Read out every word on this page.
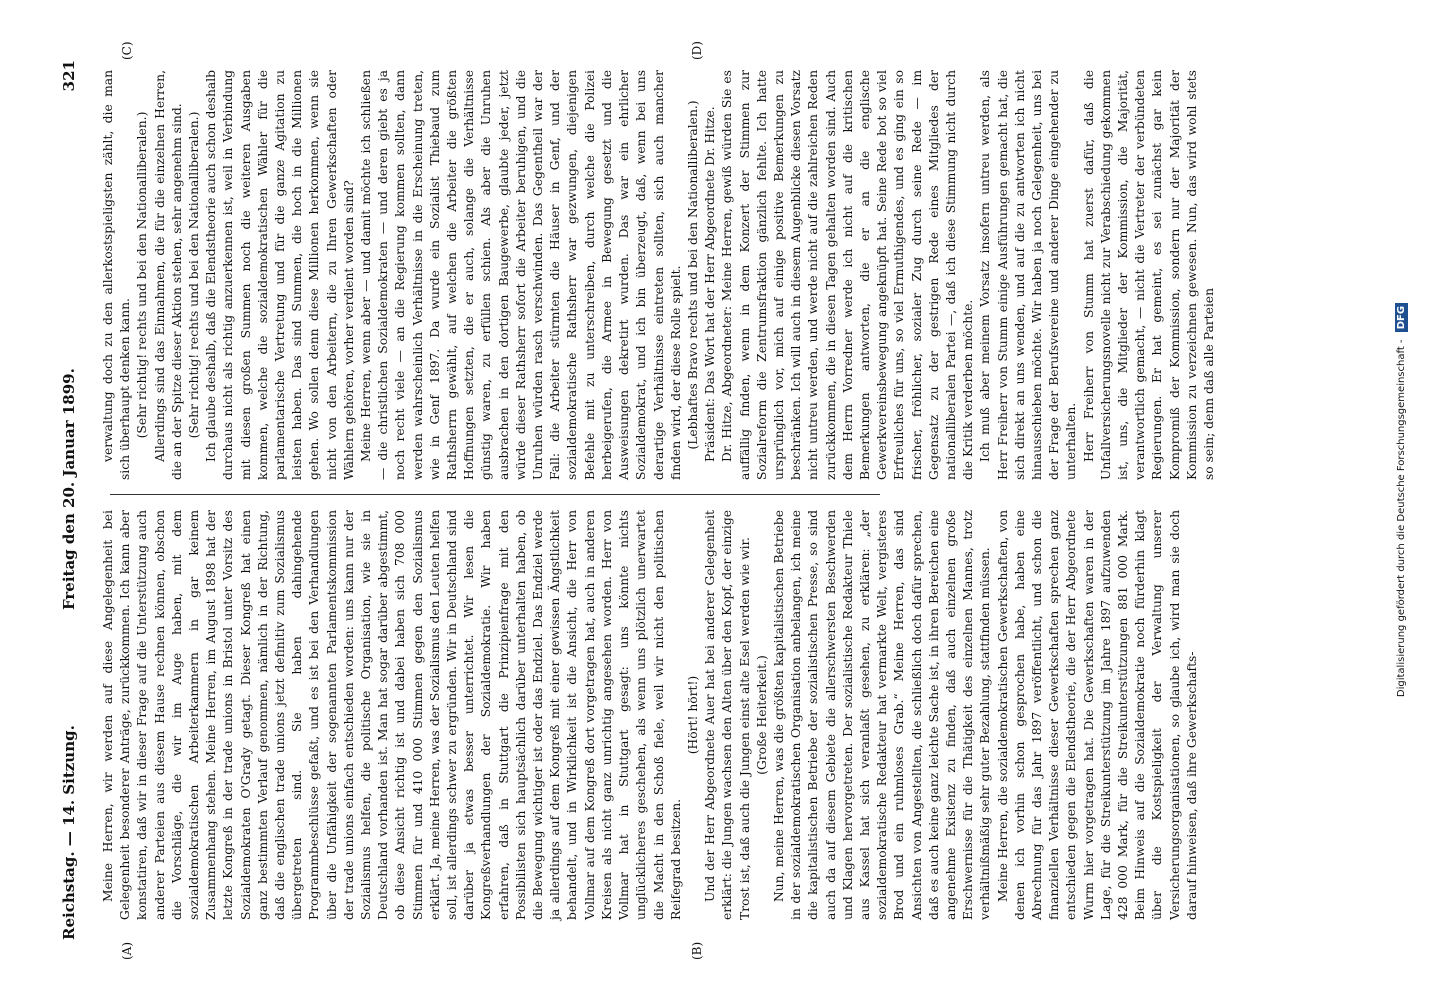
Reichstag. — 14. Sitzung.
Freitag den 20. Januar 1899.
321
(A)	(B)
(C)	(D)

Meine Herren, wir werden auf diese Angelegenheit bei Gelegenheit besonderer Anträge, zurückkommen. Ich kann aber konstatiren, daß wir in dieser Frage auf die Unterstützung auch anderer Parteien aus diesem Hause rechnen können, obschon die Vorschläge, die wir im Auge haben, mit dem sozialdemokratischen Arbeiterkammern in gar keinem Zusammenhang stehen. Meine Herren, im August 1898 hat der letzte Kongreß in der trade unions in Bristol unter Vorsitz des Sozialdemokraten O'Grady getagt. Dieser Kongreß hat einen ganz bestimmten Verlauf genommen, nämlich in der Richtung, daß die englischen trade unions jetzt definitiv zum Sozialismus übergetreten sind. Sie haben dahingehende Programmbeschlüsse gefaßt, und es ist bei den Verhandlungen über die Unfähigkeit der sogenannten Parlamentskommission der trade unions einfach entschieden worden: uns kann nur der Sozialismus helfen, die politische Organisation, wie sie in Deutschland vorhanden ist. Man hat sogar darüber abgestimmt, ob diese Ansicht richtig ist und dabei haben sich 708 000 Stimmen für und 410 000 Stimmen gegen den Sozialismus erklärt. Ja, meine Herren, was der Sozialismus den Leuten helfen soll, ist allerdings schwer zu ergründen. Wir in Deutschland sind darüber ja etwas besser unterrichtet. Wir lesen die Kongreßverhandlungen der Sozialdemokratie. Wir haben erfahren, daß in Stuttgart die Prinzipienfrage mit den Possibilisten sich hauptsächlich darüber unterhalten haben, ob die Bewegung wichtiger ist oder das Endziel. Das Endziel werde ja allerdings auf dem Kongreß mit einer gewissen Ängstlichkeit behandelt, und in Wirklichkeit ist die Ansicht, die Herr von Vollmar auf dem Kongreß dort vorgetragen hat, auch in anderen Kreisen als nicht ganz unrichtig angesehen worden. Herr von Vollmar hat in Stuttgart gesagt: uns könnte nichts unglücklicheres geschehen, als wenn uns plötzlich unerwartet die Macht in den Schoß fiele, weil wir nicht den politischen Reifegrad besitzen.

(Hört! hört!) Und der Herr Abgeordnete Auer hat bei anderer Gelegenheit erklärt: die Jungen wachsen den Alten über den Kopf, der einzige Trost ist, daß auch die Jungen einst alte Esel werden wie wir. (Große Heiterkeit.) Nun, meine Herren, was die größten kapitalistischen Betriebe in der sozialdemokratischen Organisation anbelangen, ich meine die kapitalistischen Betriebe der sozialistischen Presse, so sind auch da auf diesem Gebiete die allerschwersten Beschwerden und Klagen hervorgetreten. Der sozialistische Redakteur Thiele aus Kassel hat sich veranlaßt gesehen, zu erklären: „der sozialdemokratische Redakteur hat vermarkte Welt, vergisteres Brod und ein ruhmloses Grab.“ Meine Herren, das sind Ansichten von Angestellten, die schließlich doch dafür sprechen, daß es auch keine ganz leichte Sache ist, in ihren Bereichen eine angenehme Existenz zu finden, daß auch einzelnen große Erschwernisse für die Thätigkeit des einzelnen Mannes, trotz verhältnißmäßig sehr guter Bezahlung, stattfinden müssen. Meine Herren, die sozialdemokratischen Gewerkschaften, von denen ich vorhin schon gesprochen habe, haben eine Abrechnung für das Jahr 1897 veröffentlicht, und schon die finanziellen Verhältnisse dieser Gewerkschaften sprechen ganz entschieden gegen die Elendstheorie, die der Herr Abgeordnete Wurm hier vorgetragen hat. Die Gewerkschaften waren in der Lage, für die Streikunterstützung im Jahre 1897 aufzuwenden 428 000 Mark, für die Streikunterstützungen 881 000 Mark. Beim Hinweis auf die Sozialdemokratie noch fürderhin klagt über die Kostspieligkeit der Verwaltung unserer Versicherungsorganisationen, so glaube ich, wird man sie doch darauf hinweisen, daß ihre Gewerkschafts-

verwaltung doch zu den allerkostspieligsten zählt, die man sich überhaupt denken kann. (Sehr richtig! rechts und bei den Nationalliberalen.) Allerdings sind das Einnahmen, die für die einzelnen Herren, die an der Spitze dieser Aktion stehen, sehr angenehm sind. (Sehr richtig! rechts und bei den Nationalliberalen.) Ich glaube deshalb, daß die Elendstheorie auch schon deshalb durchaus nicht als richtig anzuerkennen ist, weil in Verbindung mit diesen großen Summen noch die weiteren Ausgaben kommen, welche die sozialdemokratischen Wähler für die parlamentarische Vertretung und für die ganze Agitation zu leisten haben. Das sind Summen, die hoch in die Millionen gehen. Wo sollen denn diese Millionen herkommen, wenn sie nicht von den Arbeitern, die zu Ihren Gewerkschaften oder Wählern gehören, vorher verdient worden sind? Meine Herren, wenn aber — und damit möchte ich schließen — die christlichen Sozialdemokraten — und deren giebt es ja noch recht viele — an die Regierung kommen sollten, dann werden wahrscheinlich Verhältnisse in die Erscheinung treten, wie in Genf 1897. Da wurde ein Sozialist Thiebaud zum Rathsherrn gewählt, auf welchen die Arbeiter die größten Hoffnungen setzten, die er auch, solange die Verhältnisse günstig waren, zu erfüllen schien. Als aber die Unruhen ausbrachen in den dortigen Baugewerbe, glaubte jeder, jetzt würde dieser Rathsherr sofort die Arbeiter beruhigen, und die Unruhen würden rasch verschwinden. Das Gegentheil war der Fall: die Arbeiter stürmten die Häuser in Genf, und der sozialdemokratische Rathsherr war gezwungen, diejenigen Befehle mit zu unterschreiben, durch welche die Polizei herbeigerufen, die Armee in Bewegung gesetzt und die Ausweisungen dekretirt wurden. Das war ein ehrlicher Sozialdemokrat, und ich bin überzeugt, daß, wenn bei uns derartige Verhältnisse eintreten sollten, sich auch mancher finden wird, der diese Rolle spielt. (Lebhaftes Bravo rechts und bei den Nationalliberalen.) Präsident: Das Wort hat der Herr Abgeordnete Dr. Hitze. Dr. Hitze, Abgeordneter: Meine Herren, gewiß würden Sie es auffällig finden, wenn in dem Konzert der Stimmen zur Sozialreform die Zentrumsfraktion gänzlich fehlte. Ich hatte ursprünglich vor, mich auf einige positive Bemerkungen zu beschränken. Ich will auch in diesem Augenblicke diesen Vorsatz nicht untreu werden, und werde nicht auf die zahlreichen Reden zurückkommen, die in diesen Tagen gehalten worden sind. Auch dem Herrn Vorredner werde ich nicht auf die kritischen Bemerkungen antworten, die er an die englische Gewerkvereinsbewegung angeknüpft hat. Seine Rede bot so viel Erfreuliches für uns, so viel Ermuthigendes, und es ging ein so frischer, fröhlicher, sozialer Zug durch seine Rede — im Gegensatz zu der gestrigen Rede eines Mitgliedes der nationalliberalen Partei —, daß ich diese Stimmung nicht durch die Kritik verderben möchte. Ich muß aber meinem Vorsatz insofern untreu werden, als Herr Freiherr von Stumm einige Ausführungen gemacht hat, die sich direkt an uns wenden, und auf die zu antworten ich nicht hinausschieben möchte. Wir haben ja noch Gelegenheit, uns bei der Frage der Berufsvereine und anderer Dinge eingehender zu unterhalten. Herr Freiherr von Stumm hat zuerst dafür, daß die Unfallversicherungsnovelle nicht zur Verabschiedung gekommen ist, uns, die Mitglieder der Kommission, die Majorität, verantwortlich gemacht, — nicht die Vertreter der verbündeten Regierungen. Er hat gemeint, es sei zunächst gar kein Kompromiß der Kommission, sondern nur der Majorität der Kommission zu verzeichnen gewesen. Nun, das wird wohl stets so sein; denn daß alle Parteien	Digitalisierung gefördert durch die Deutsche Forschungsgemeinschaft - DFG
